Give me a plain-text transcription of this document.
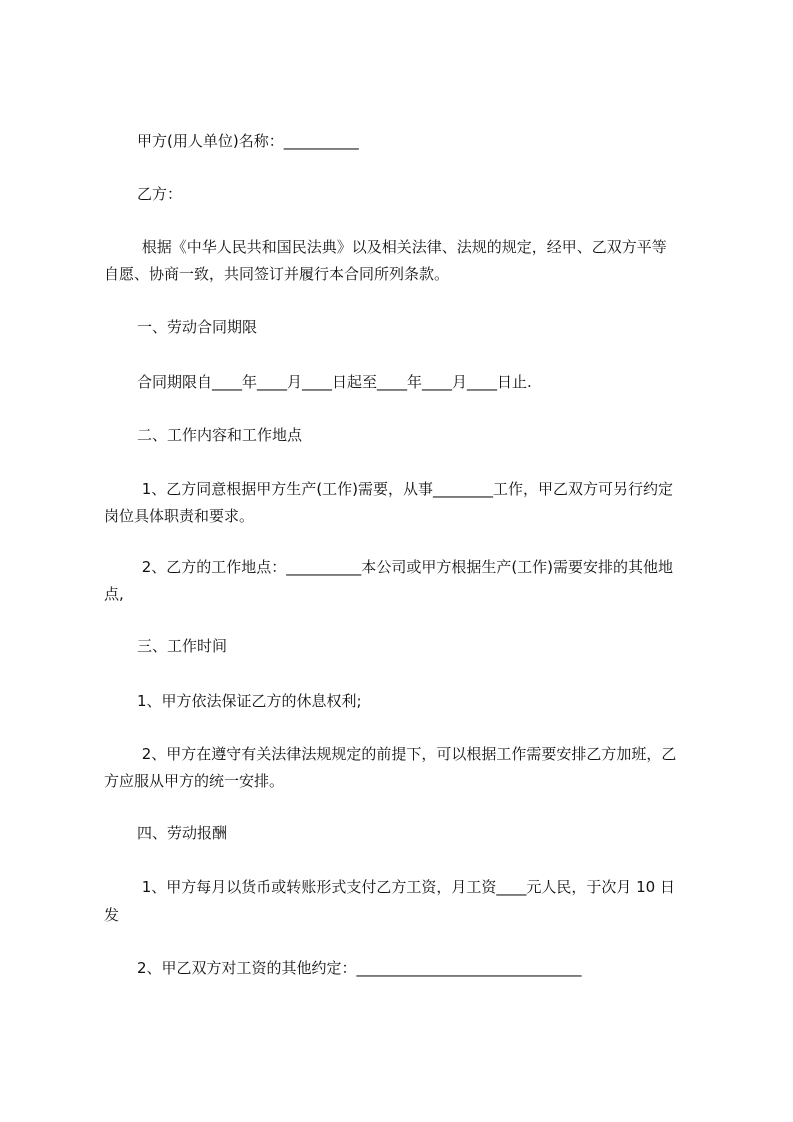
甲方(用人单位)名称：__________
乙方：
根据《中华人民共和国民法典》以及相关法律、法规的规定，经甲、乙双方平等
自愿、协商一致，共同签订并履行本合同所列条款。
一、劳动合同期限
合同期限自____年____月____日起至____年____月____日止.
二、工作内容和工作地点
1、乙方同意根据甲方生产(工作)需要，从事________工作，甲乙双方可另行约定
岗位具体职责和要求。
2、乙方的工作地点：__________本公司或甲方根据生产(工作)需要安排的其他地
点,
三、工作时间
1、甲方依法保证乙方的休息权利;
2、甲方在遵守有关法律法规规定的前提下，可以根据工作需要安排乙方加班，乙
方应服从甲方的统一安排。
四、劳动报酬
1、甲方每月以货币或转账形式支付乙方工资，月工资____元人民，于次月 10 日
发
2、甲乙双方对工资的其他约定：______________________________
